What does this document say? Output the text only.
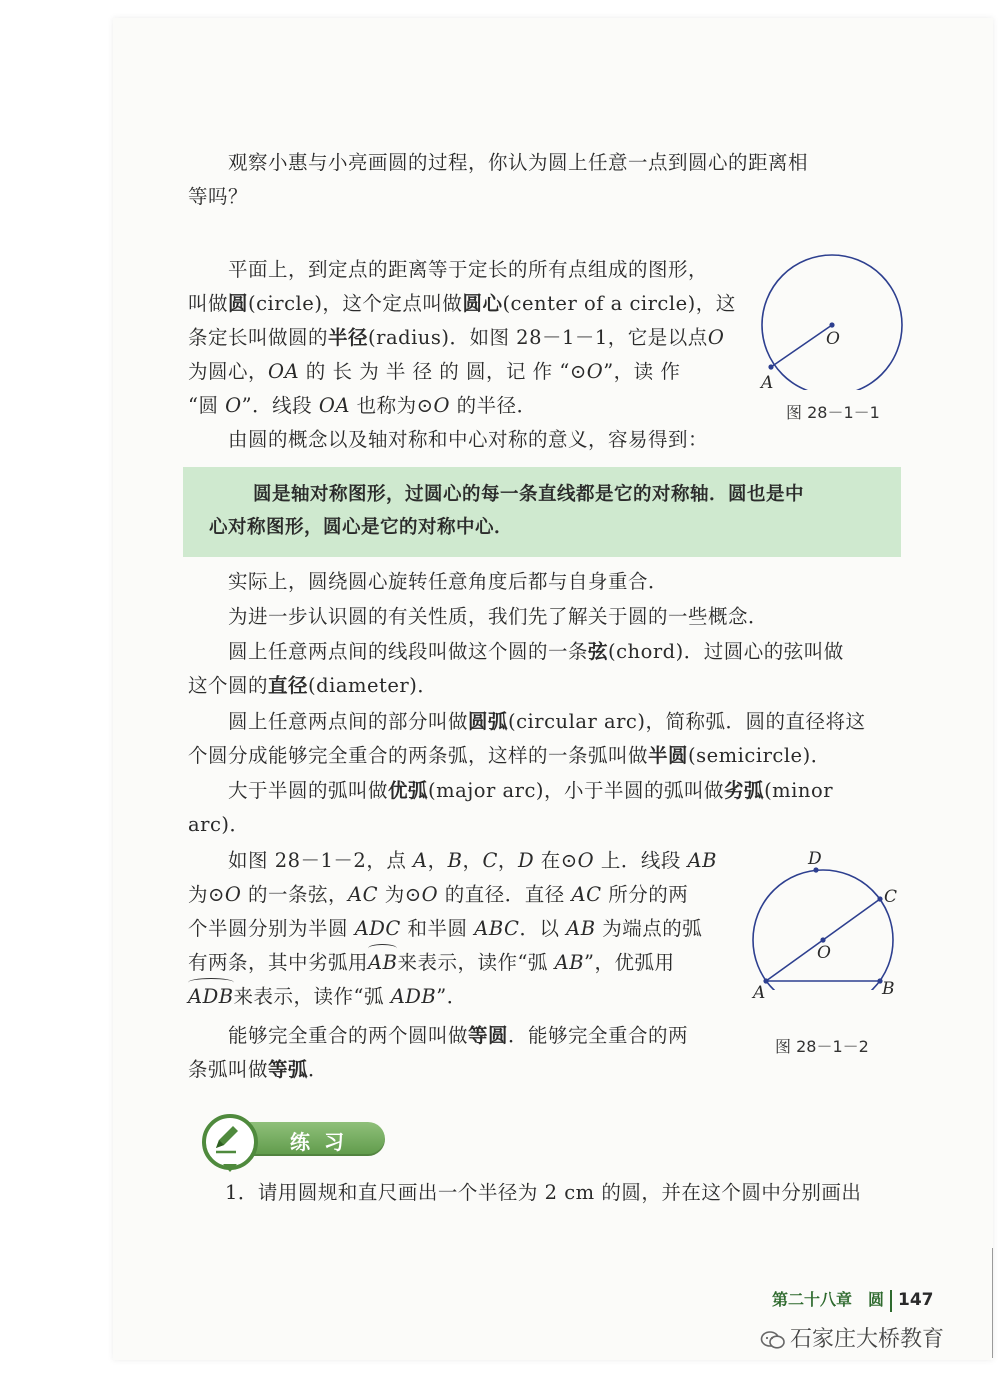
观察小惠与小亮画圆的过程，你认为圆上任意一点到圆心的距离相
等吗？
平面上，到定点的距离等于定长的所有点组成的图形，
叫做圆(circle)，这个定点叫做圆心(center of a circle)，这
条定长叫做圆的半径(radius)．如图 28－1－1，它是以点O
为圆心，OA 的 长 为 半 径 的 圆，记 作 “⊙O”，读 作
“圆 O”．线段 OA 也称为⊙O 的半径．
由圆的概念以及轴对称和中心对称的意义，容易得到：
O
A
图 28－1－1
圆是轴对称图形，过圆心的每一条直线都是它的对称轴．圆也是中
心对称图形，圆心是它的对称中心．
实际上，圆绕圆心旋转任意角度后都与自身重合．
为进一步认识圆的有关性质，我们先了解关于圆的一些概念．
圆上任意两点间的线段叫做这个圆的一条弦(chord)．过圆心的弦叫做
这个圆的直径(diameter)．
圆上任意两点间的部分叫做圆弧(circular arc)，简称弧．圆的直径将这
个圆分成能够完全重合的两条弧，这样的一条弧叫做半圆(semicircle)．
大于半圆的弧叫做优弧(major arc)，小于半圆的弧叫做劣弧(minor
arc)．
如图 28－1－2，点 A，B，C，D 在⊙O 上．线段 AB
为⊙O 的一条弦，AC 为⊙O 的直径．直径 AC 所分的两
个半圆分别为半圆 ADC 和半圆 ABC．以 AB 为端点的弧
有两条，其中劣弧用AB来表示，读作“弧 AB”，优弧用
ADB来表示，读作“弧 ADB”．
能够完全重合的两个圆叫做等圆．能够完全重合的两
条弧叫做等弧．
D
C
O
A	B
图 28－1－2
练习
1．请用圆规和直尺画出一个半径为 2 cm 的圆，并在这个圆中分别画出
第二十八章　圆 147
石家庄大桥教育
